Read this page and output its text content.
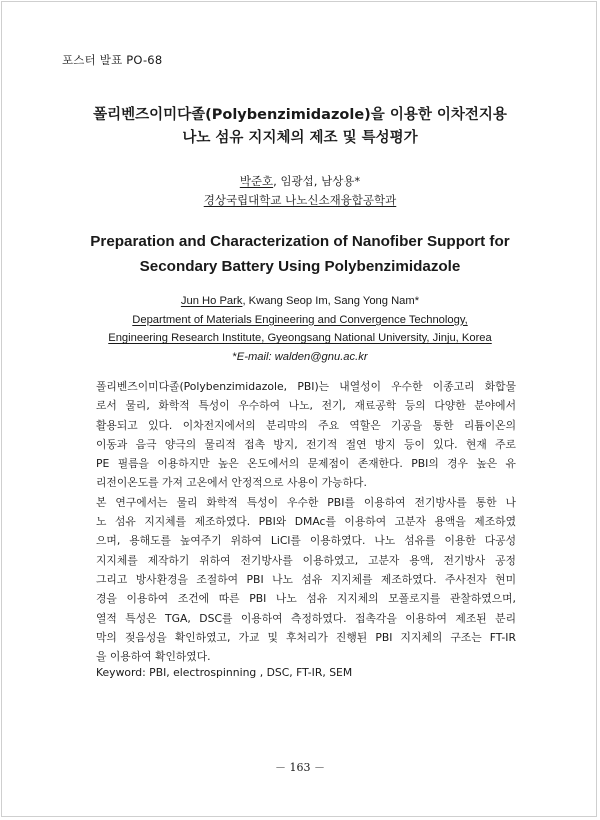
포스터 발표 PO-68
폴리벤즈이미다졸(Polybenzimidazole)을 이용한 이차전지용
나노 섬유 지지체의 제조 및 특성평가
박준호, 임광섭, 남상용*
경상국립대학교 나노신소재융합공학과
Preparation and Characterization of Nanofiber Support for
Secondary Battery Using Polybenzimidazole
Jun Ho Park, Kwang Seop Im, Sang Yong Nam*
Department of Materials Engineering and Convergence Technology,
Engineering Research Institute, Gyeongsang National University, Jinju, Korea
*E-mail: walden@gnu.ac.kr
폴리벤즈이미다졸(Polybenzimidazole, PBI)는 내열성이 우수한 이종고리 화합물
로서 물리, 화학적 특성이 우수하여 나노, 전기, 재료공학 등의 다양한 분야에서
활용되고 있다. 이차전지에서의 분리막의 주요 역할은 기공을 통한 리튬이온의
이동과 음극 양극의 물리적 접촉 방지, 전기적 절연 방지 등이 있다. 현재 주로
PE 필름을 이용하지만 높은 온도에서의 문제점이 존재한다. PBI의 경우 높은 유
리전이온도를 가져 고온에서 안정적으로 사용이 가능하다.
본 연구에서는 물리 화학적 특성이 우수한 PBI를 이용하여 전기방사를 통한 나
노 섬유 지지체를 제조하였다. PBI와 DMAc를 이용하여 고분자 용액을 제조하였
으며, 용해도를 높여주기 위하여 LiCl를 이용하였다. 나노 섬유를 이용한 다공성
지지체를 제작하기 위하여 전기방사를 이용하였고, 고분자 용액, 전기방사 공정
그리고 방사환경을 조절하여 PBI 나노 섬유 지지체를 제조하였다. 주사전자 현미
경을 이용하여 조건에 따른 PBI 나노 섬유 지지체의 모폴로지를 관찰하였으며,
열적 특성은 TGA, DSC를 이용하여 측정하였다. 접촉각을 이용하여 제조된 분리
막의 젖음성을 확인하였고, 가교 및 후처리가 진행된 PBI 지지체의 구조는 FT-IR
을 이용하여 확인하였다.
Keyword: PBI, electrospinning , DSC, FT-IR, SEM
－ 163 －
